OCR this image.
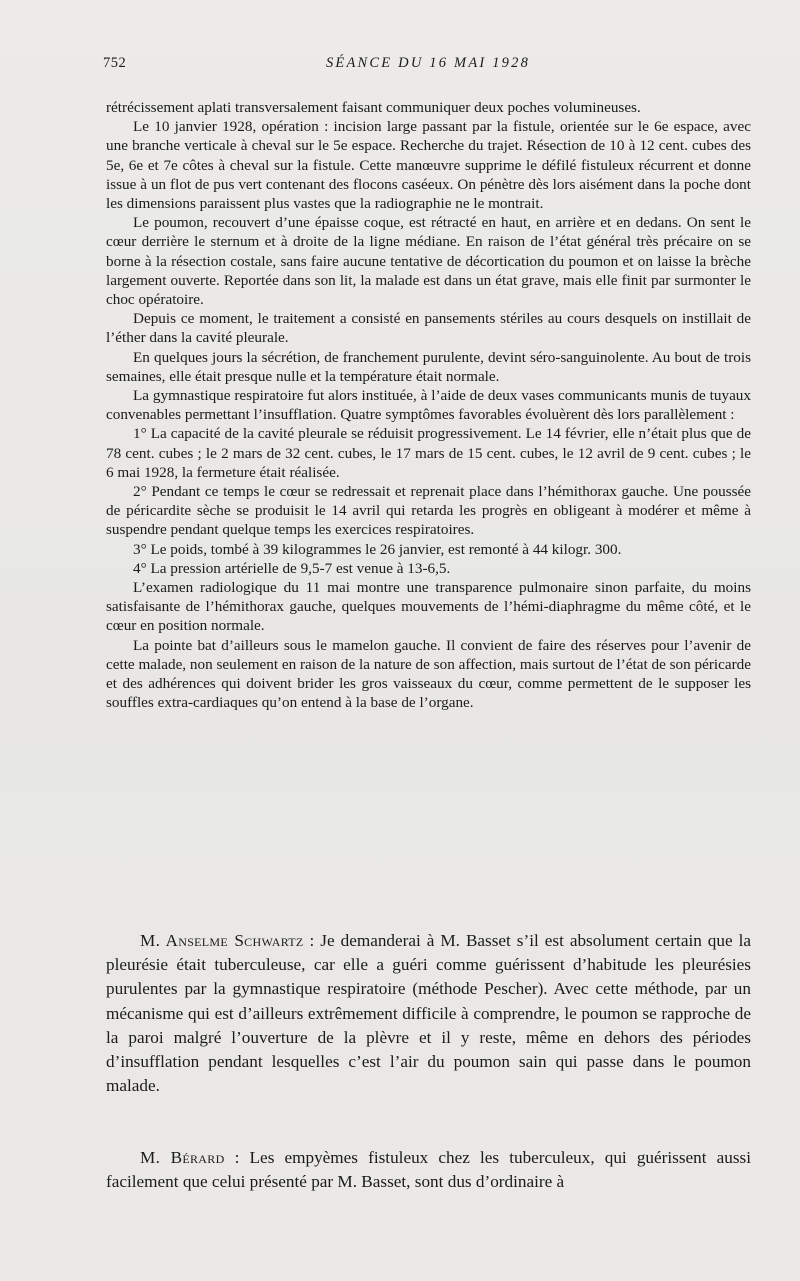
752	SÉANCE DU 16 MAI 1928

rétrécissement aplati transversalement faisant communiquer deux poches volumineuses.

Le 10 janvier 1928, opération : incision large passant par la fistule, orientée sur le 6e espace, avec une branche verticale à cheval sur le 5e espace. Recherche du trajet. Résection de 10 à 12 cent. cubes des 5e, 6e et 7e côtes à cheval sur la fistule. Cette manœuvre supprime le défilé fistuleux récurrent et donne issue à un flot de pus vert contenant des flocons caséeux. On pénètre dès lors aisément dans la poche dont les dimensions paraissent plus vastes que la radiographie ne le montrait.

Le poumon, recouvert d’une épaisse coque, est rétracté en haut, en arrière et en dedans. On sent le cœur derrière le sternum et à droite de la ligne médiane. En raison de l’état général très précaire on se borne à la résection costale, sans faire aucune tentative de décortication du poumon et on laisse la brèche largement ouverte. Reportée dans son lit, la malade est dans un état grave, mais elle finit par surmonter le choc opératoire.

Depuis ce moment, le traitement a consisté en pansements stériles au cours desquels on instillait de l’éther dans la cavité pleurale.

En quelques jours la sécrétion, de franchement purulente, devint séro-sanguinolente. Au bout de trois semaines, elle était presque nulle et la température était normale.

La gymnastique respiratoire fut alors instituée, à l’aide de deux vases communicants munis de tuyaux convenables permettant l’insufflation. Quatre symptômes favorables évoluèrent dès lors parallèlement :

1° La capacité de la cavité pleurale se réduisit progressivement. Le 14 février, elle n’était plus que de 78 cent. cubes ; le 2 mars de 32 cent. cubes, le 17 mars de 15 cent. cubes, le 12 avril de 9 cent. cubes ; le 6 mai 1928, la fermeture était réalisée.

2° Pendant ce temps le cœur se redressait et reprenait place dans l’hémithorax gauche. Une poussée de péricardite sèche se produisit le 14 avril qui retarda les progrès en obligeant à modérer et même à suspendre pendant quelque temps les exercices respiratoires.

3° Le poids, tombé à 39 kilogrammes le 26 janvier, est remonté à 44 kilogr. 300.

4° La pression artérielle de 9,5-7 est venue à 13-6,5.

L’examen radiologique du 11 mai montre une transparence pulmonaire sinon parfaite, du moins satisfaisante de l’hémithorax gauche, quelques mouvements de l’hémi-diaphragme du même côté, et le cœur en position normale.

La pointe bat d’ailleurs sous le mamelon gauche. Il convient de faire des réserves pour l’avenir de cette malade, non seulement en raison de la nature de son affection, mais surtout de l’état de son péricarde et des adhérences qui doivent brider les gros vaisseaux du cœur, comme permettent de le supposer les souffles extra-cardiaques qu’on entend à la base de l’organe.

M. Anselme Schwartz : Je demanderai à M. Basset s’il est absolument certain que la pleurésie était tuberculeuse, car elle a guéri comme guérissent d’habitude les pleurésies purulentes par la gymnastique respiratoire (méthode Pescher). Avec cette méthode, par un mécanisme qui est d’ailleurs extrêmement difficile à comprendre, le poumon se rapproche de la paroi malgré l’ouverture de la plèvre et il y reste, même en dehors des périodes d’insufflation pendant lesquelles c’est l’air du poumon sain qui passe dans le poumon malade.

M. Bérard : Les empyèmes fistuleux chez les tuberculeux, qui guérissent aussi facilement que celui présenté par M. Basset, sont dus d’ordinaire à
